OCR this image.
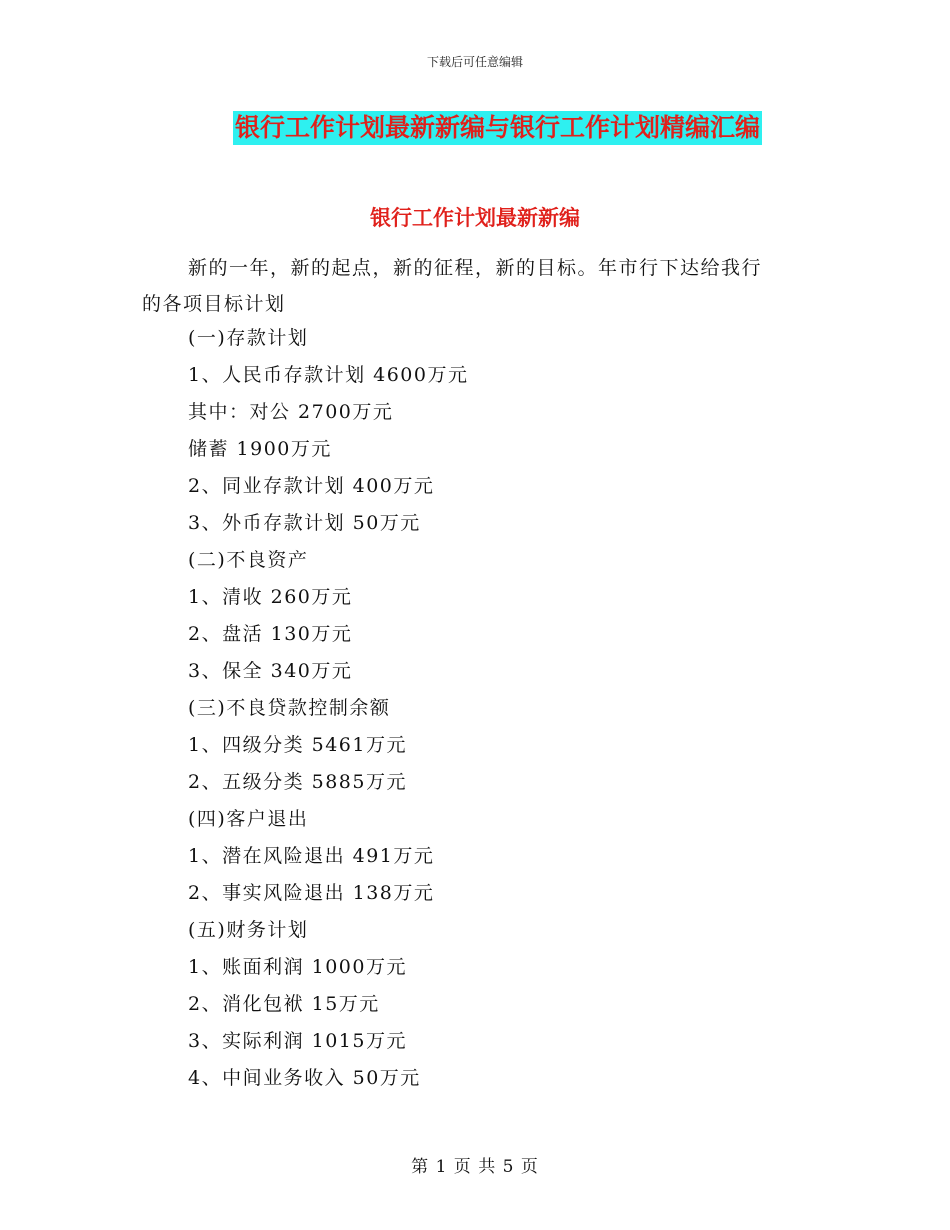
下载后可任意编辑
银行工作计划最新新编与银行工作计划精编汇编
银行工作计划最新新编
新的一年，新的起点，新的征程，新的目标。年市行下达给我行
的各项目标计划
(一)存款计划
1、人民币存款计划 4600万元
其中：对公 2700万元
储蓄 1900万元
2、同业存款计划 400万元
3、外币存款计划 50万元
(二)不良资产
1、清收 260万元
2、盘活 130万元
3、保全 340万元
(三)不良贷款控制余额
1、四级分类 5461万元
2、五级分类 5885万元
(四)客户退出
1、潜在风险退出 491万元
2、事实风险退出 138万元
(五)财务计划
1、账面利润 1000万元
2、消化包袱 15万元
3、实际利润 1015万元
4、中间业务收入 50万元
第 1 页 共 5 页
